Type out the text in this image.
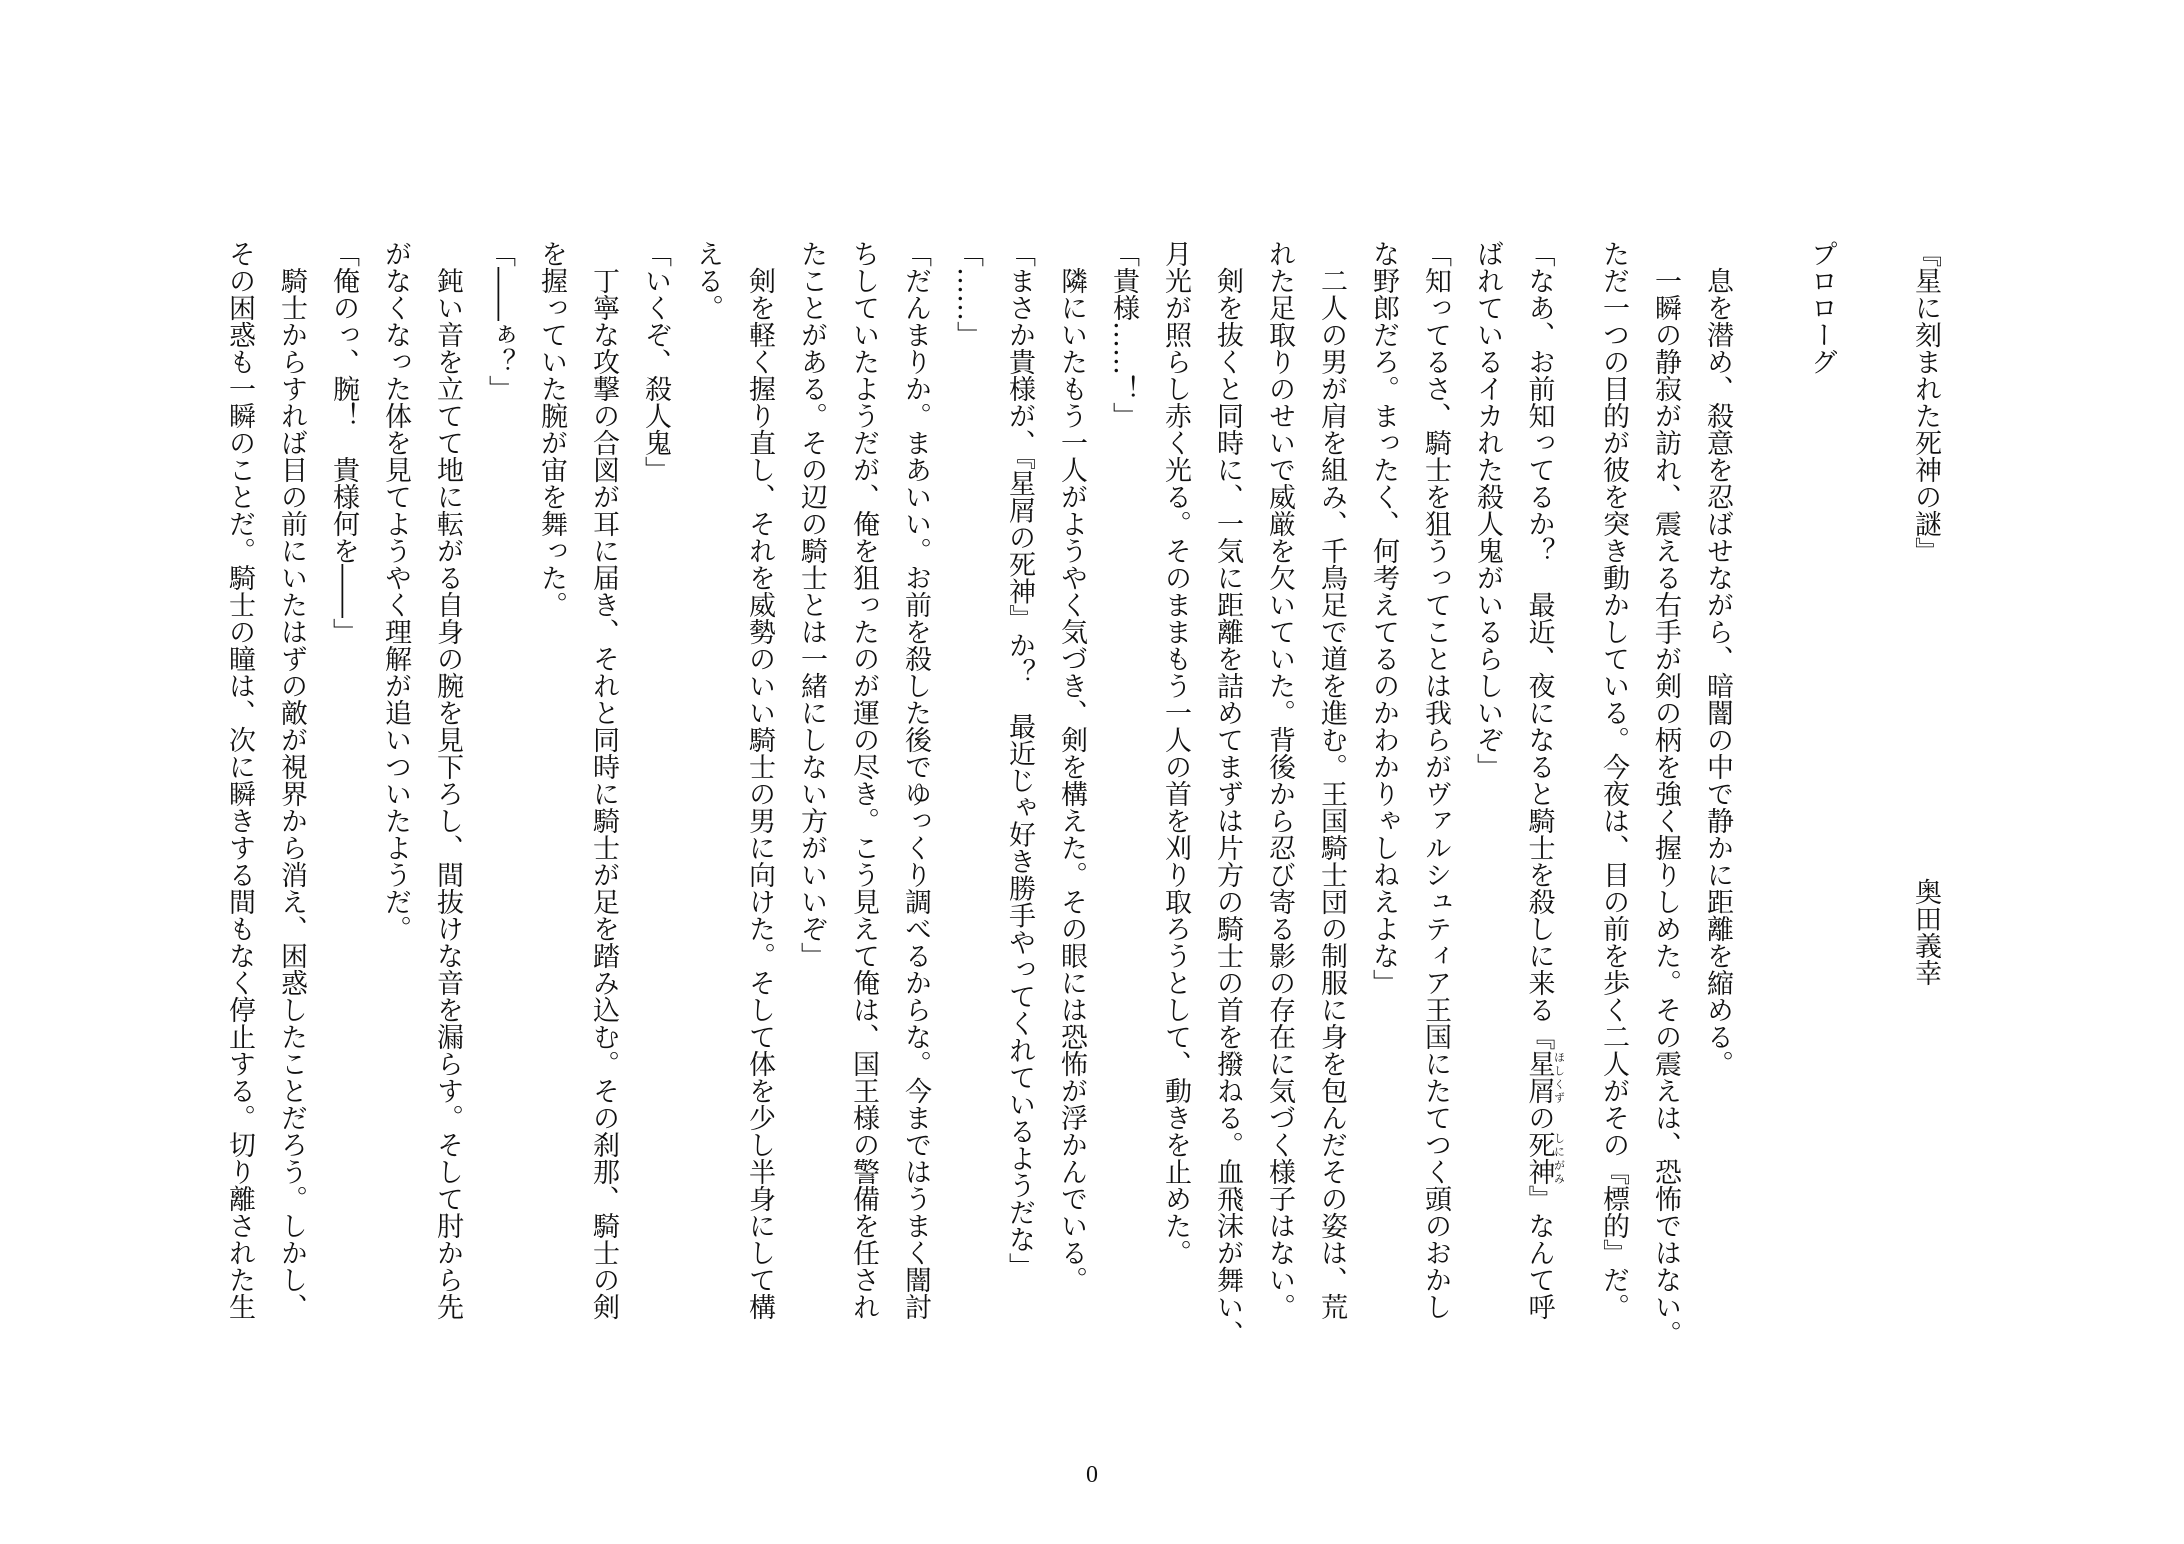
『星に刻まれた死神の謎』
奥田義幸
プロローグ
息を潜め、殺意を忍ばせながら、暗闇の中で静かに距離を縮める。
一瞬の静寂が訪れ、震える右手が剣の柄を強く握りしめた。その震えは、恐怖ではない。
ただ一つの目的が彼を突き動かしている。今夜は、目の前を歩く二人がその『標的』だ。
「なあ、お前知ってるか？　最近、夜になると騎士を殺しに来る『星屑ほしくずの死神しにがみ』なんて呼
ばれているイカれた殺人鬼がいるらしいぞ」
「知ってるさ、騎士を狙うってことは我らがヴァルシュティア王国にたてつく頭のおかし
な野郎だろ。まったく、何考えてるのかわかりゃしねえよな」
二人の男が肩を組み、千鳥足で道を進む。王国騎士団の制服に身を包んだその姿は、荒
れた足取りのせいで威厳を欠いていた。背後から忍び寄る影の存在に気づく様子はない。
剣を抜くと同時に、一気に距離を詰めてまずは片方の騎士の首を撥ねる。血飛沫が舞い、
月光が照らし赤く光る。そのままもう一人の首を刈り取ろうとして、動きを止めた。
「貴様……！」
隣にいたもう一人がようやく気づき、剣を構えた。その眼には恐怖が浮かんでいる。
「まさか貴様が、『星屑の死神』か？　最近じゃ好き勝手やってくれているようだな」
「……」
「だんまりか。まあいい。お前を殺した後でゆっくり調べるからな。今まではうまく闇討
ちしていたようだが、俺を狙ったのが運の尽き。こう見えて俺は、国王様の警備を任され
たことがある。その辺の騎士とは一緒にしない方がいいぞ」
剣を軽く握り直し、それを威勢のいい騎士の男に向けた。そして体を少し半身にして構
える。
「いくぞ、殺人鬼」
丁寧な攻撃の合図が耳に届き、それと同時に騎士が足を踏み込む。その刹那、騎士の剣
を握っていた腕が宙を舞った。
「――ぁ？」
鈍い音を立てて地に転がる自身の腕を見下ろし、間抜けな音を漏らす。そして肘から先
がなくなった体を見てようやく理解が追いついたようだ。
「俺のっ、腕！　貴様何を――」
騎士からすれば目の前にいたはずの敵が視界から消え、困惑したことだろう。しかし、
その困惑も一瞬のことだ。騎士の瞳は、次に瞬きする間もなく停止する。切り離された生
0
